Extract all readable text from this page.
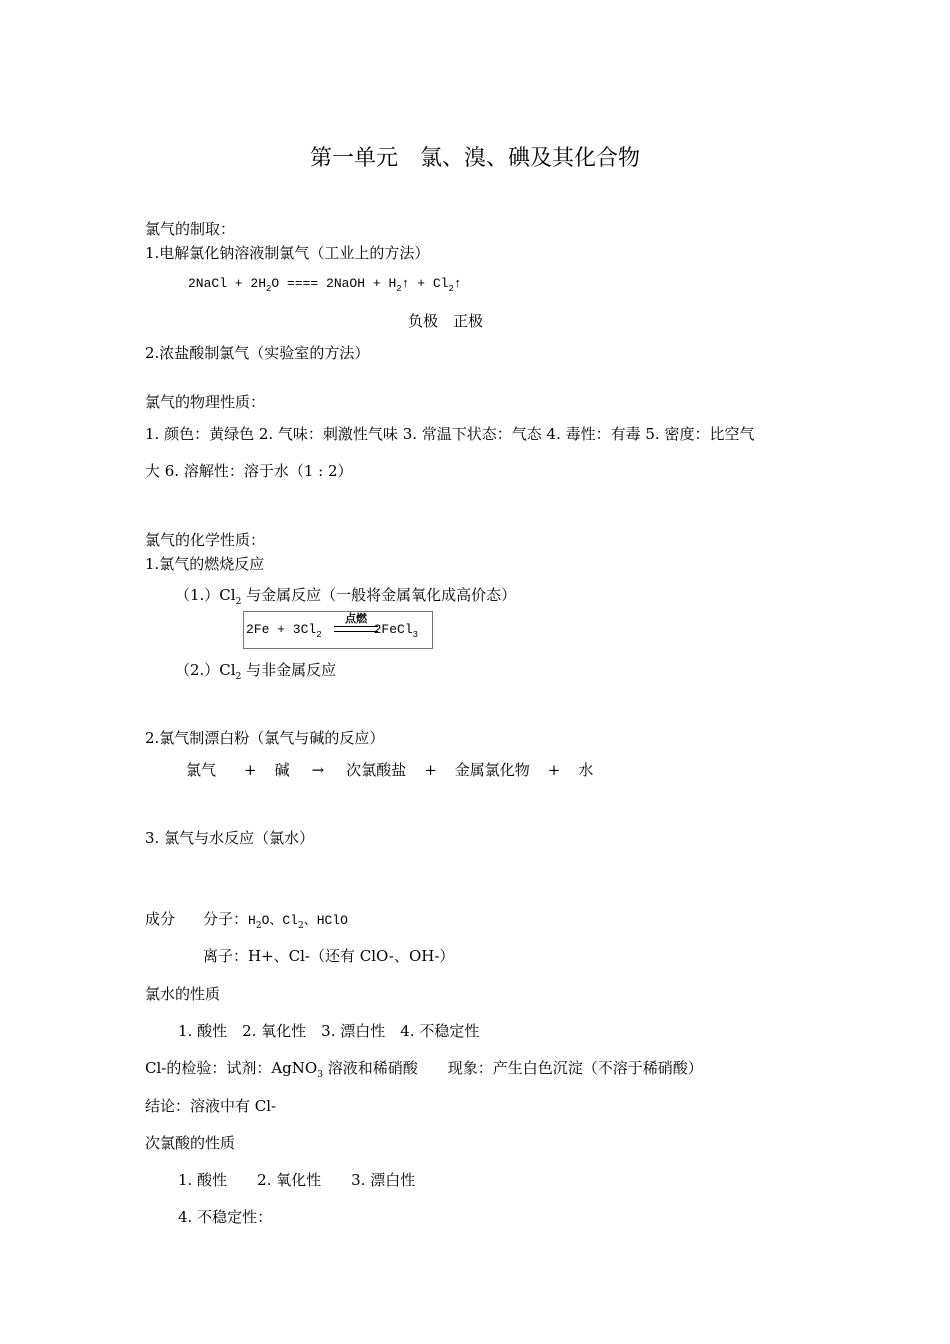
第一单元　氯、溴、碘及其化合物
氯气的制取：
1.电解氯化钠溶液制氯气（工业上的方法）
2NaCl + $2H_2O$ ==== 2NaOH + $H_2↑$ + $Cl_2↑$
负极　正极
2.浓盐酸制氯气（实验室的方法）
氯气的物理性质：
1. 颜色：黄绿色 2. 气味：刺激性气味 3. 常温下状态：气态 4. 毒性：有毒 5. 密度：比空气
大 6. 溶解性：溶于水（1 : 2）
氯气的化学性质：
1.氯气的燃烧反应
$(1.)Cl_2$ 与金属反应（一般将金属氧化成高价态）
$2Fe + 3Cl_2$	2FeCl$_3$
点燃
$(2.)Cl_2$ 与非金属反应
2.氯气制漂白粉（氯气与碱的反应）
氯气 + 碱 → 次氯酸盐 + 金属氯化物 + 水
3. 氯气与水反应（氯水）
成分 分子：$H_2O$、$Cl_2$、HClO
离子：H+、Cl-（还有 ClO-、OH-）
氯水的性质
1. 酸性　2. 氧化性　3. 漂白性　4. 不稳定性
Cl-的检验：试剂：AgNO$_3$ 溶液和稀硝酸　　现象：产生白色沉淀（不溶于稀硝酸）
结论：溶液中有 Cl-
次氯酸的性质
1. 酸性　　2. 氧化性　　3. 漂白性
4. 不稳定性：
